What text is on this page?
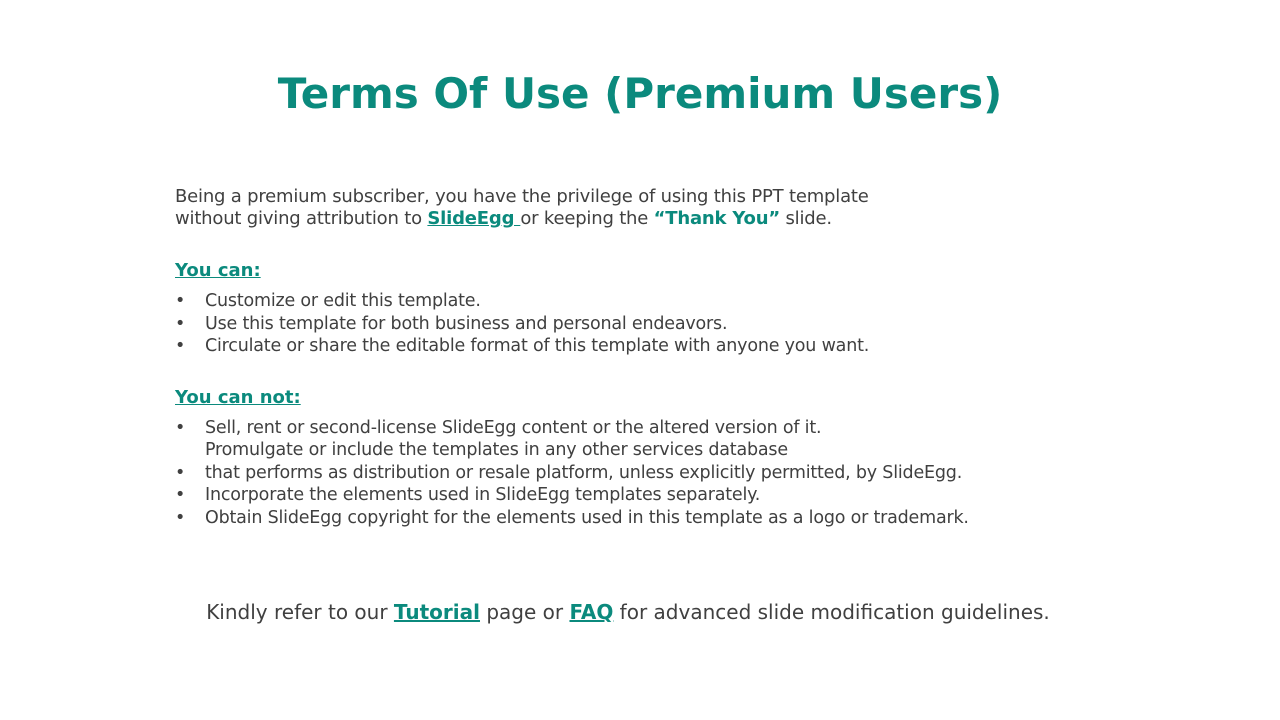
Terms Of Use (Premium Users)

Being a premium subscriber, you have the privilege of using this PPT template
without giving attribution to SlideEgg or keeping the “Thank You” slide.

You can:

• Customize or edit this template.
• Use this template for both business and personal endeavors.
• Circulate or share the editable format of this template with anyone you want.

You can not:

• Sell, rent or second-license SlideEgg content or the altered version of it.
Promulgate or include the templates in any other services database
• that performs as distribution or resale platform, unless explicitly permitted, by SlideEgg.
• Incorporate the elements used in SlideEgg templates separately.
• Obtain SlideEgg copyright for the elements used in this template as a logo or trademark.

Kindly refer to our Tutorial page or FAQ for advanced slide modification guidelines.
